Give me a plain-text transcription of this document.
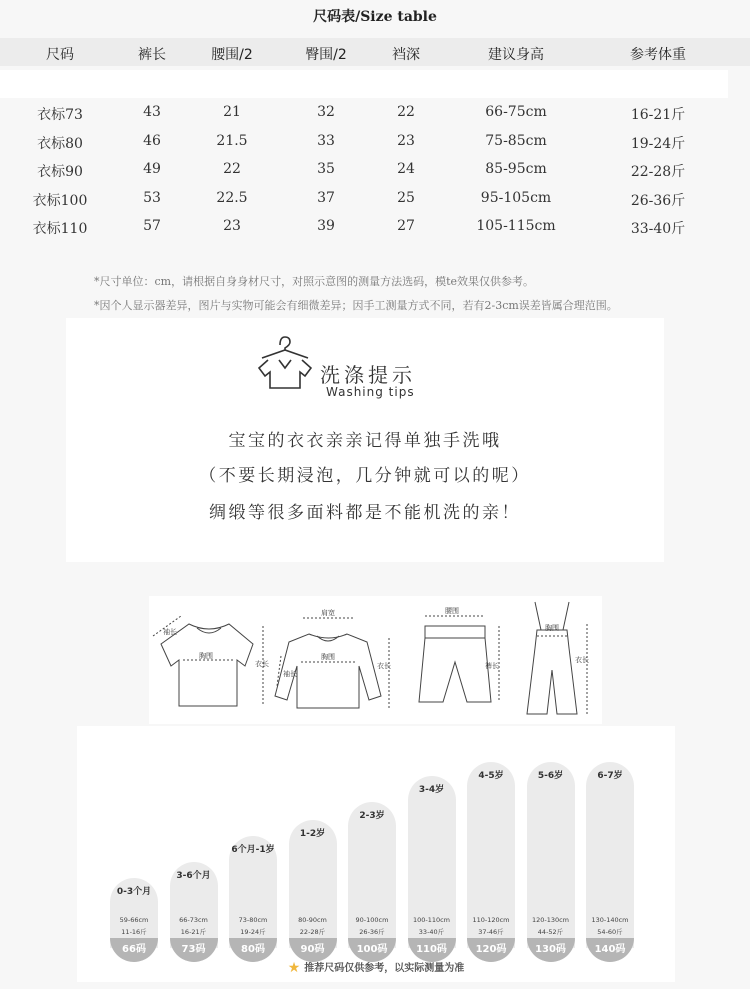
尺码表/Size table
尺码	裤长	腰围/2	臀围/2	裆深	建议身高	参考体重
衣标73	43	21	32	22	66-75cm	16-21斤
衣标80	46	21.5	33	23	75-85cm	19-24斤
衣标90	49	22	35	24	85-95cm	22-28斤
衣标100	53	22.5	37	25	95-105cm	26-36斤
衣标110	57	23	39	27	105-115cm	33-40斤
*尺寸单位：cm，请根据自身身材尺寸，对照示意图的测量方法选码，模te效果仅供参考。
*因个人显示器差异，图片与实物可能会有细微差异；因手工测量方式不同，若有2-3cm误差皆属合理范围。
洗涤提示
Washing tips
宝宝的衣衣亲亲记得单独手洗哦
（不要长期浸泡，几分钟就可以的呢）
绸缎等很多面料都是不能机洗的亲！
袖长
胸围
衣长
肩宽
袖长
胸围
衣长
腰围
裤长
胸围
衣长
0-3个月
59-66cm
11-16斤
66码
3-6个月
66-73cm
16-21斤
73码
6个月-1岁
73-80cm
19-24斤
80码
1-2岁
80-90cm
22-28斤
90码
2-3岁
90-100cm
26-36斤
100码
3-4岁
100-110cm
33-40斤
110码
4-5岁
110-120cm
37-46斤
120码
5-6岁
120-130cm
44-52斤
130码
6-7岁
130-140cm
54-60斤
140码
★ 推荐尺码仅供参考，以实际测量为准
